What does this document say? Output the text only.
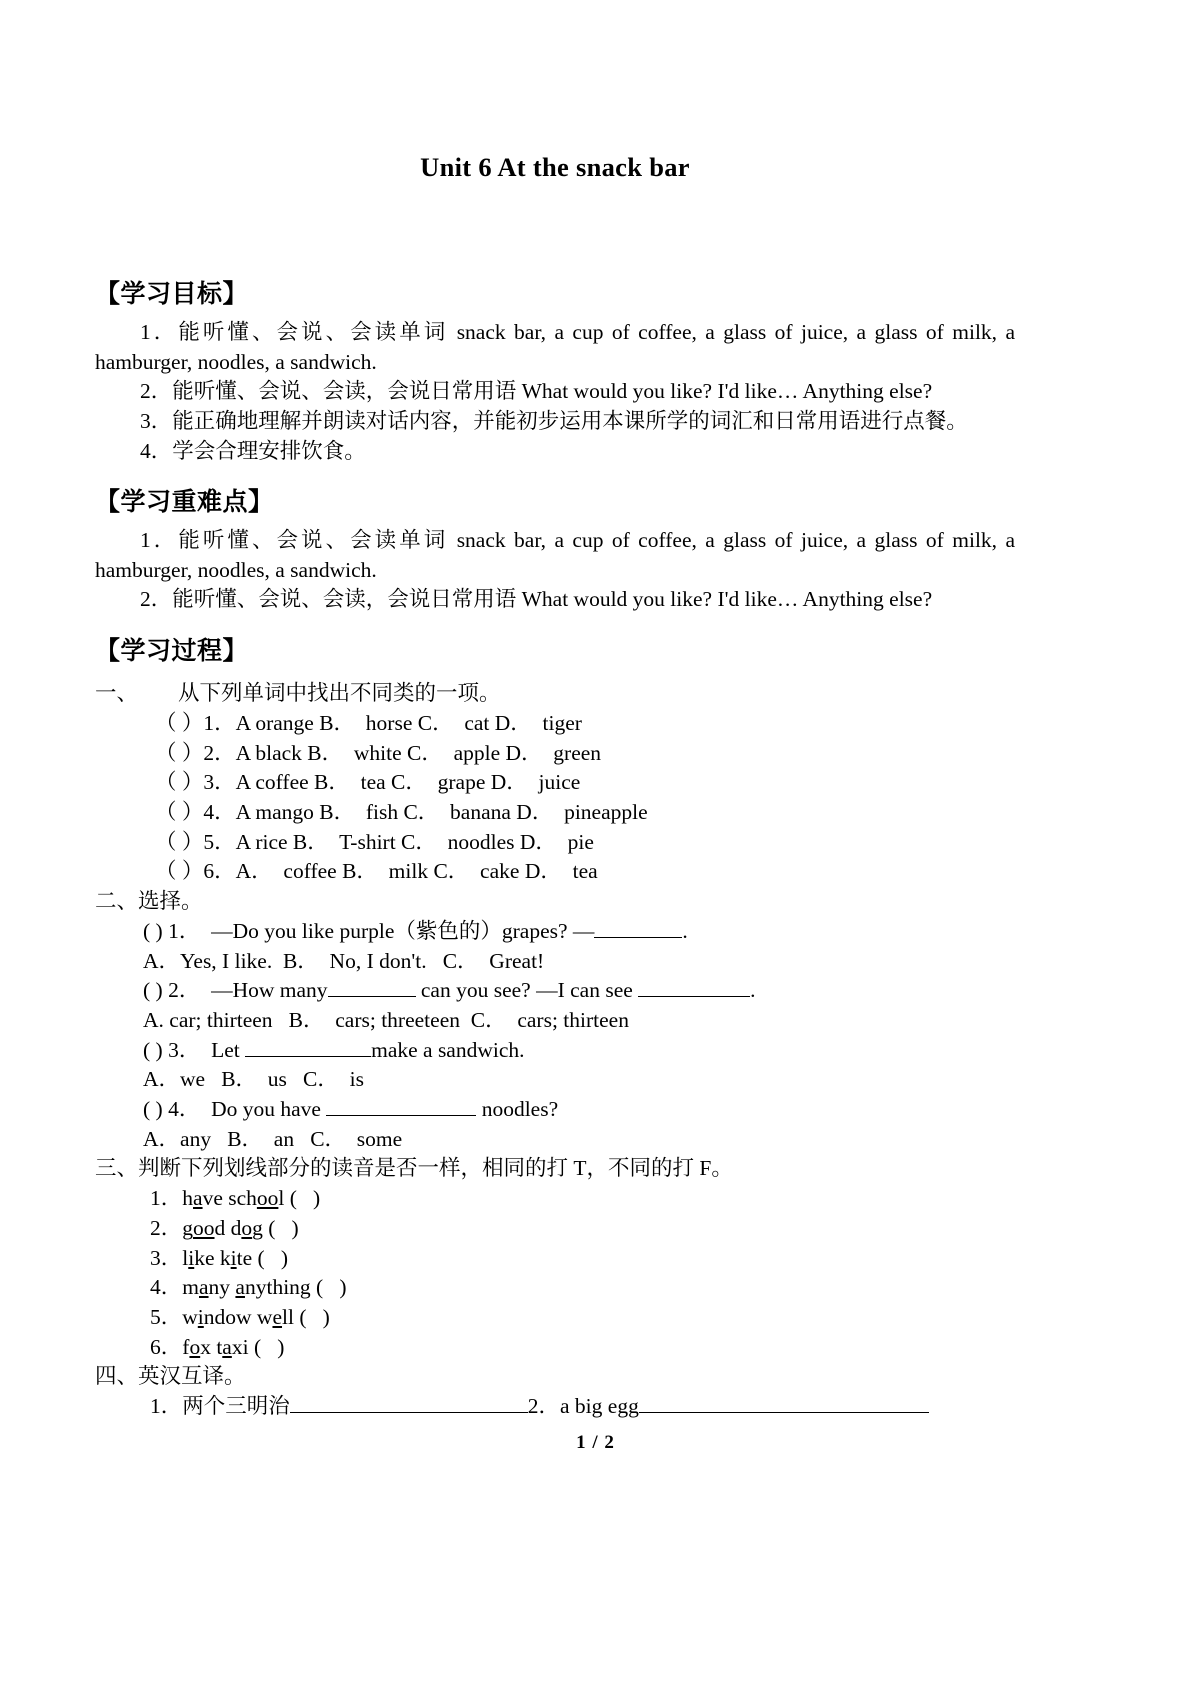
Unit 6 At the snack bar
【学习目标】

1．能听懂、会说、会读单词 snack bar, a cup of coffee, a glass of juice, a glass of milk, a hamburger, noodles, a sandwich.

2．能听懂、会说、会读，会说日常用语 What would you like? I'd like… Anything else?

3．能正确地理解并朗读对话内容，并能初步运用本课所学的词汇和日常用语进行点餐。

4．学会合理安排饮食。

【学习重难点】

1．能听懂、会说、会读单词 snack bar, a cup of coffee, a glass of juice, a glass of milk, a hamburger, noodles, a sandwich.

2．能听懂、会说、会读，会说日常用语 What would you like? I'd like… Anything else?

【学习过程】
一、 从下列单词中找出不同类的一项。
（ ）1．A orange B．  horse C．  cat D．  tiger
（ ）2．A black B．  white C．  apple D．  green
（ ）3．A coffee B．  tea C．  grape D．  juice
（ ）4．A mango B．  fish C．  banana D．  pineapple
（ ）5．A rice B．  T-shirt C．  noodles D．  pie
（ ）6．A．  coffee B．  milk C．  cake D．  tea
二、选择。
( ) 1．  —Do you like purple（紫色的）grapes? —	.
A．Yes, I like.  B．  No, I don't.   C．  Great!
( ) 2．  —How many	can you see? —I can see	.
A. car; thirteen   B．  cars; threeteen  C．  cars; thirteen
( ) 3．  Let	make a sandwich.
A．we   B．  us   C．  is
( ) 4．  Do you have	noodles?
A．any   B．  an   C．  some
三、判断下列划线部分的读音是否一样，相同的打 T，不同的打 F。
1．have school (   )
2．good dog (   )
3．like kite (   )
4．many anything (   )
5．window well (   )
6．fox taxi (   )
四、英汉互译。
1．两个三明治	2．a big egg
1 / 2
